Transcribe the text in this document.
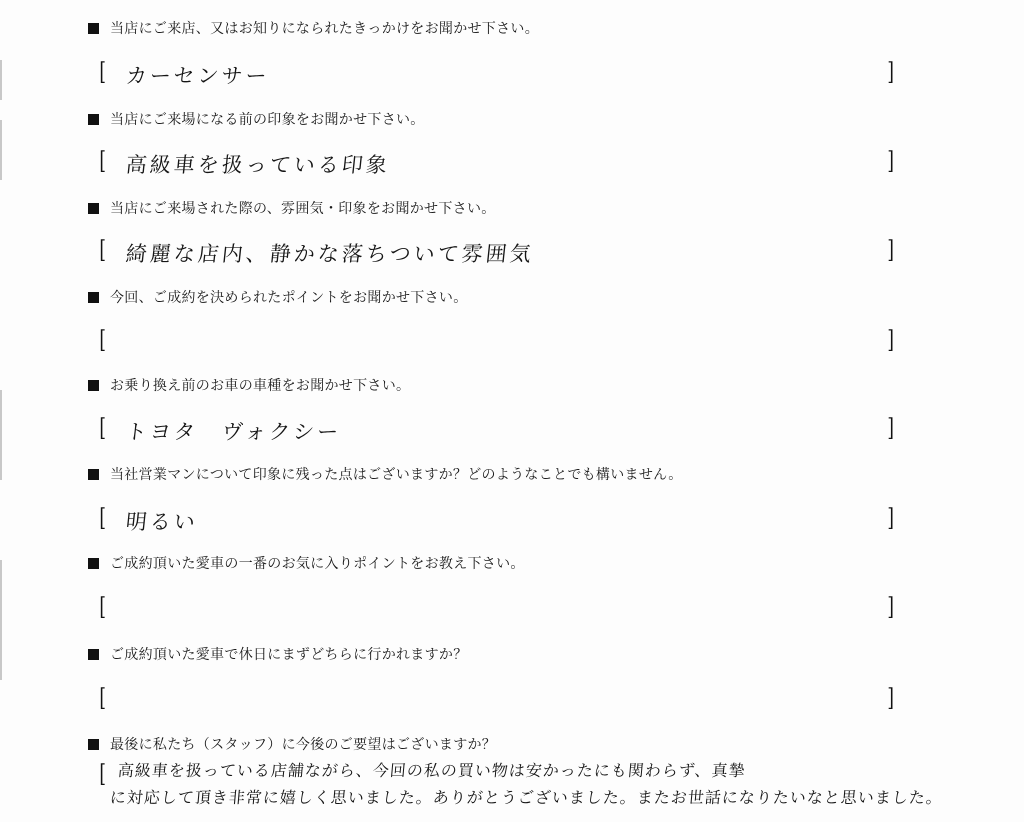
当店にご来店、又はお知りになられたきっかけをお聞かせ下さい。
[ カーセンサー	]
当店にご来場になる前の印象をお聞かせ下さい。
[ 高級車を扱っている印象	]
当店にご来場された際の、雰囲気・印象をお聞かせ下さい。
[ 綺麗な店内、静かな落ちついて雰囲気	]
今回、ご成約を決められたポイントをお聞かせ下さい。
[	]
お乗り換え前のお車の車種をお聞かせ下さい。
[ トヨタ　ヴォクシー	]
当社営業マンについて印象に残った点はございますか？どのようなことでも構いません。
[ 明るい	]
ご成約頂いた愛車の一番のお気に入りポイントをお教え下さい。
[	]
ご成約頂いた愛車で休日にまずどちらに行かれますか？
[	]
最後に私たち（スタッフ）に今後のご要望はございますか？
[ 高級車を扱っている店舗ながら、今回の私の買い物は安かったにも関わらず、真摯
に対応して頂き非常に嬉しく思いました。ありがとうございました。またお世話になりたいなと思いました。
